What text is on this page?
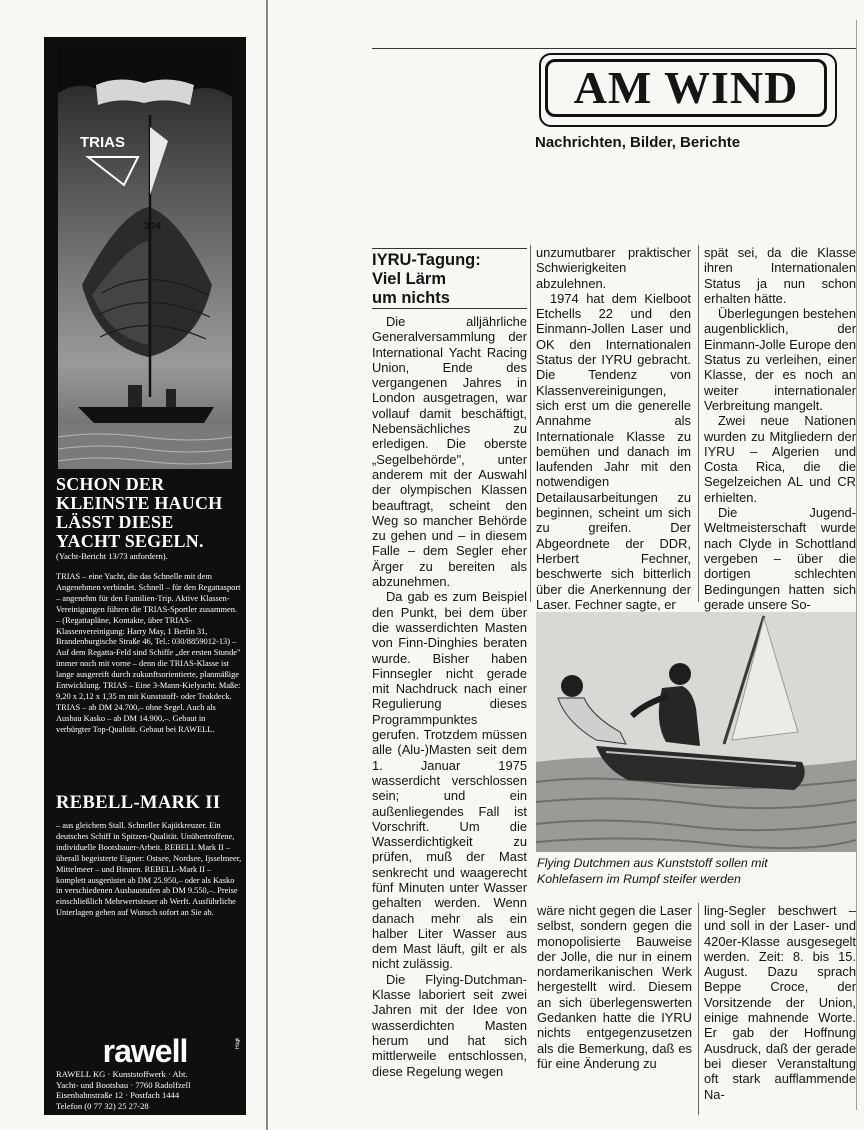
TRIAS
304
SCHON DER
KLEINSTE HAUCH
LÄSST DIESE
YACHT SEGELN.
(Yacht-Bericht 13/73 anfordern).
TRIAS – eine Yacht, die das Schnelle mit dem Angenehmen verbindet. Schnell – für den Regattasport – angenehm für den Familien-Trip. Aktive Klassen-Vereinigungen führen die TRIAS-Sportler zusammen. – (Regattapläne, Kontakte, über TRIAS-Klassenvereinigung: Harry May, 1 Berlin 31, Brandenburgische Straße 46, Tel.: 030/8859012-13) – Auf dem Regatta-Feld sind Schiffe „der ersten Stunde" immer noch mit vorne – denn die TRIAS-Klasse ist lange ausgereift durch zukunftsorientierte, planmäßige Entwicklung. TRIAS – Eine 3-Mann-Kielyacht. Maße: 9,20 x 2,12 x 1,35 m mit Kunststoff- oder Teakdeck. TRIAS – ab DM 24.700,– ohne Segel. Auch als Ausbau Kasko – ab DM 14.900,–. Gebaut in verbürgter Top-Qualität. Gebaut bei RAWELL.
REBELL-MARK II
– aus gleichem Stall. Schneller Kajütkreuzer. Ein deutsches Schiff in Spitzen-Qualität. Unübertroffene, individuelle Bootsbauer-Arbeit. REBELL Mark II – überall begeisterte Eigner: Ostsee, Nordsee, Ijsselmeer, Mittelmeer – und Binnen. REBELL-Mark II – komplett ausgerüstet ab DM 25.950,– oder als Kasko in verschiedenen Ausbaustufen ab DM 9.550,–. Preise einschließlich Mehrwertsteuer ab Werft. Ausführliche Unterlagen gehen auf Wunsch sofort an Sie ab.
rawell
RAWELL KG · Kunststoffwerk · Abt.
Yacht- und Bootsbau · 7760 Radolfzell
Eisenbahnstraße 12 · Postfach 1444
Telefon (0 77 32) 25 27-28
Hügli
AM WIND
Nachrichten, Bilder, Berichte
IYRU-Tagung:
Viel Lärm
um nichts

Die alljährliche Generalversammlung der International Yacht Racing Union, Ende des vergangenen Jahres in London ausgetragen, war vollauf damit beschäftigt, Nebensächliches zu erledigen. Die oberste „Segelbehörde", unter anderem mit der Auswahl der olympischen Klassen beauftragt, scheint den Weg so mancher Behörde zu gehen und – in diesem Falle – dem Segler eher Ärger zu bereiten als abzunehmen.

Da gab es zum Beispiel den Punkt, bei dem über die wasserdichten Masten von Finn-Dinghies beraten wurde. Bisher haben Finnsegler nicht gerade mit Nachdruck nach einer Regulierung dieses Programmpunktes gerufen. Trotzdem müssen alle (Alu-)Masten seit dem 1. Januar 1975 wasserdicht verschlossen sein; und ein außenliegendes Fall ist Vorschrift. Um die Wasserdichtigkeit zu prüfen, muß der Mast senkrecht und waagerecht fünf Minuten unter Wasser gehalten werden. Wenn danach mehr als ein halber Liter Wasser aus dem Mast läuft, gilt er als nicht zulässig.

Die Flying-Dutchman-Klasse laboriert seit zwei Jahren mit der Idee von wasserdichten Masten herum und hat sich mittlerweile entschlossen, diese Regelung wegen

unzumutbarer praktischer Schwierigkeiten abzulehnen.

1974 hat dem Kielboot Etchells 22 und den Einmann-Jollen Laser und OK den Internationalen Status der IYRU gebracht. Die Tendenz von Klassenvereinigungen, sich erst um die generelle Annahme als Internationale Klasse zu bemühen und danach im laufenden Jahr mit den notwendigen Detailausarbeitungen zu beginnen, scheint um sich zu greifen. Der Abgeordnete der DDR, Herbert Fechner, beschwerte sich bitterlich über die Anerkennung der Laser. Fechner sagte, er

spät sei, da die Klasse ihren Internationalen Status ja nun schon erhalten hätte.

Überlegungen bestehen augenblicklich, der Einmann-Jolle Europe den Status zu verleihen, einer Klasse, der es noch an weiter internationaler Verbreitung mangelt.

Zwei neue Nationen wurden zu Mitgliedern der IYRU – Algerien und Costa Rica, die die Segelzeichen AL und CR erhielten.

Die Jugend-Weltmeisterschaft wurde nach Clyde in Schottland vergeben – über die dortigen schlechten Bedingungen hatten sich gerade unsere So-

Flying Dutchmen aus Kunststoff sollen mit
Kohlefasern im Rumpf steifer werden

wäre nicht gegen die Laser selbst, sondern gegen die monopolisierte Bauweise der Jolle, die nur in einem nordamerikanischen Werk hergestellt wird. Diesem an sich überlegenswerten Gedanken hatte die IYRU nichts entgegenzusetzen als die Bemerkung, daß es für eine Änderung zu

ling-Segler beschwert – und soll in der Laser- und 420er-Klasse ausgesegelt werden. Zeit: 8. bis 15. August. Dazu sprach Beppe Croce, der Vorsitzende der Union, einige mahnende Worte. Er gab der Hoffnung Ausdruck, daß der gerade bei dieser Veranstaltung oft stark aufflammende Na-
